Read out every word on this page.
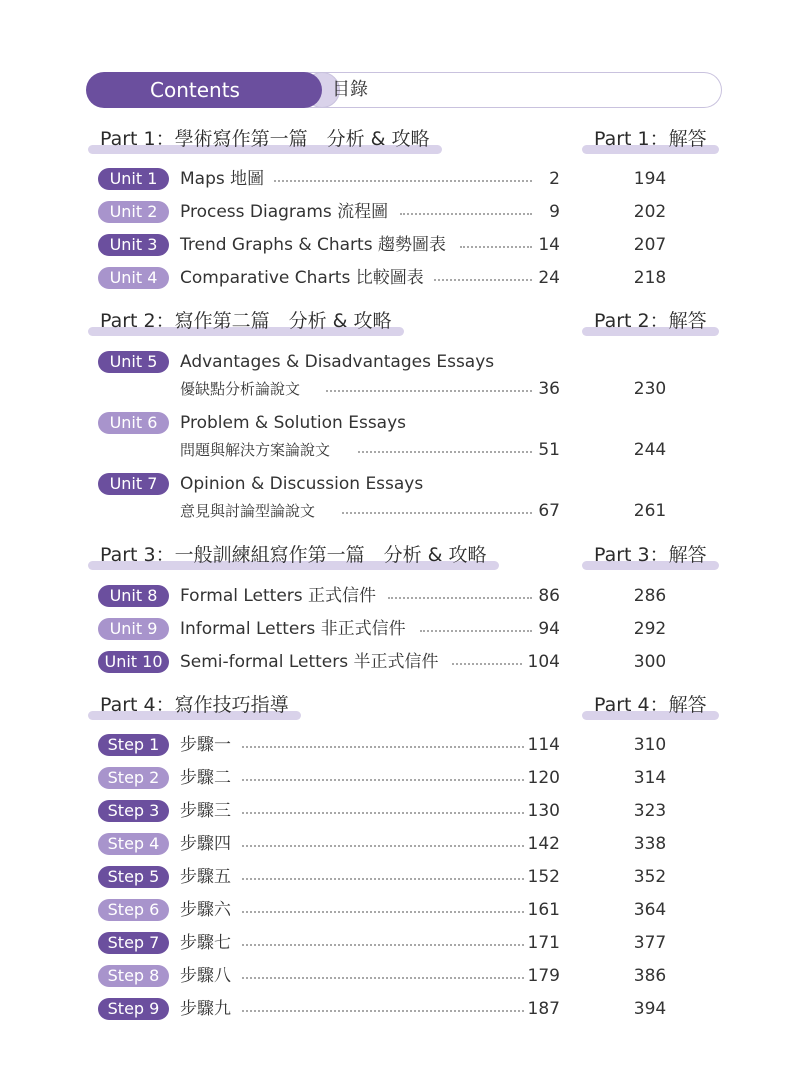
Contents	目錄
Part 1：學術寫作第一篇　分析 & 攻略	Part 1：解答
Part 2：寫作第二篇　分析 & 攻略	Part 2：解答
Part 3：一般訓練組寫作第一篇　分析 & 攻略	Part 3：解答
Part 4：寫作技巧指導	Part 4：解答
Unit 1	Maps 地圖	2	194
Unit 2	Process Diagrams 流程圖	9	202
Unit 3	Trend Graphs & Charts 趨勢圖表	14	207
Unit 4	Comparative Charts 比較圖表	24	218
Unit 5	Advantages & Disadvantages Essays
優缺點分析論說文	36	230
Unit 6	Problem & Solution Essays
問題與解決方案論說文	51	244
Unit 7	Opinion & Discussion Essays
意見與討論型論說文	67	261
Unit 8	Formal Letters 正式信件	86	286
Unit 9	Informal Letters 非正式信件	94	292
Unit 10	Semi-formal Letters 半正式信件	104	300
Step 1	步驟一	114	310
Step 2	步驟二	120	314
Step 3	步驟三	130	323
Step 4	步驟四	142	338
Step 5	步驟五	152	352
Step 6	步驟六	161	364
Step 7	步驟七	171	377
Step 8	步驟八	179	386
Step 9	步驟九	187	394
